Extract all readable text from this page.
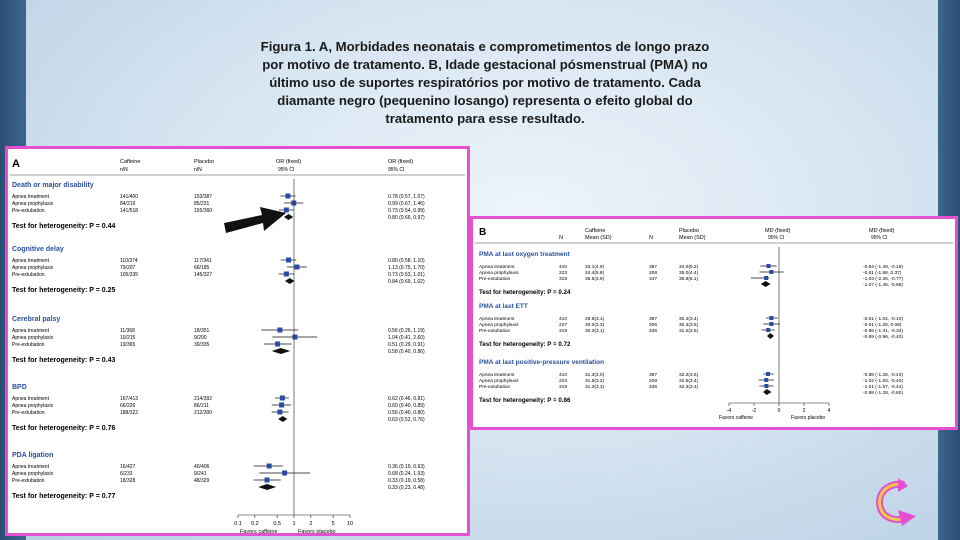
Figura 1. A, Morbidades neonatais e comprometimentos de longo prazo por motivo de tratamento. B, Idade gestacional pósmenstrual (PMA) no último uso de suportes respiratórios por motivo de tratamento. Cada diamante negro (pequenino losango) representa o efeito global do tratamento para esse resultado.
A	Caffeine	Placebo	OR (fixed)	OR (fixed)
n/N	n/N	95% CI	95% CI
Death or major disability
Apnea treatment	141/400	153/387	0.78 (0.57, 1.07)
Apnea prophylaxis	84/219	85/231	0.99 (0.67, 1.46)
Pre-extubation	141/518	155/360	0.73 (0.54, 0.99)
0.80 (0.66, 0.97)
Test for heterogeneity: P = 0.44
Cognitive delay
Apnea treatment	110/374	117/341	0.80 (0.58, 1.10)
Apnea prophylaxis	79/207	66/185	1.13 (0.75, 1.70)
Pre-extubation	105/335	145/327	0.73 (0.53, 1.01)
0.84 (0.69, 1.02)
Test for heterogeneity: P = 0.25
Cerebral palsy
Apnea treatment	11/368	18/351	0.56 (0.26, 1.19)
Apnea prophylaxis	10/215	9/200	1.04 (0.41, 2.60)
Pre-extubation	19/365	39/335	0.51 (0.29, 0.91)
0.58 (0.40, 0.86)
Test for heterogeneity: P = 0.43
BPD
Apnea treatment	167/413	214/392	0.62 (0.46, 0.81)
Apnea prophylaxis	66/226	86/211	0.60 (0.40, 0.89)
Pre-extubation	188/322	212/300	0.56 (0.40, 0.80)
0.63 (0.52, 0.76)
Test for heterogeneity: P = 0.76
PDA ligation
Apnea treatment	16/427	40/406	0.36 (0.19, 0.63)
Apnea prophylaxis	6/233	9/241	0.68 (0.24, 1.93)
Pre-extubation	18/328	48/329	0.33 (0.19, 0.58)
0.33 (0.23, 0.48)
Test for heterogeneity: P = 0.77
0.1 0.2	0.5 1	2	5 10
Favors caffeine	Favors placebo
B	Caffeine	Placebo
N	Mean (SD)	N	Mean (SD)
MD (fixed)
95% CI
MD (fixed)
95% CI
PMA at last oxygen treatment
Apnea treatment	410	33.1(4.9)	387	34.0(5.2)	-0.84 (-1.49, -0.19)
Apnea prophylaxis	223	34.4(5.8)	208	35.0(4.4)	-0.61 (-1.56, 0.37)
Pre-extubation	319	35.5(3.9)	347	36.8(5.1)	-1.03 (-2.26, -0.77)
-1.07 (-1.45, -0.68)
Test for heterogeneity: P = 0.24
PMA at last ETT
Apnea treatment	410	29.8(3.1)	387	30.4(3.4)	-0.61 (-1.04, -0.10)
Apnea prophylaxis	227	30.0(3.3)	206	30.3(3.5)	-0.61 (-1.26, 0.08)
Pre-extubation	319	30.3(3.1)	346	31.2(3.6)	-0.86 (-1.41, -0.34)
-0.69 (-0.96, -0.40)
Test for heterogeneity: P = 0.72
PMA at last positive-pressure ventilation
Apnea treatment	410	31.3(3.0)	387	32.2(3.6)	-0.88 (-1.26, -0.43)
Apnea prophylaxis	224	31.5(3.2)	208	32.5(3.4)	-1.02 (-1.63, -0.40)
Pre-extubation	319	31.3(3.3)	346	32.3(3.4)	-1.01 (-1.57, -0.44)
-0.98 (-1.28, -0.60)
Test for heterogeneity: P = 0.86
-4	-2	0	2	4
Favors caffeine	Favors placebo
